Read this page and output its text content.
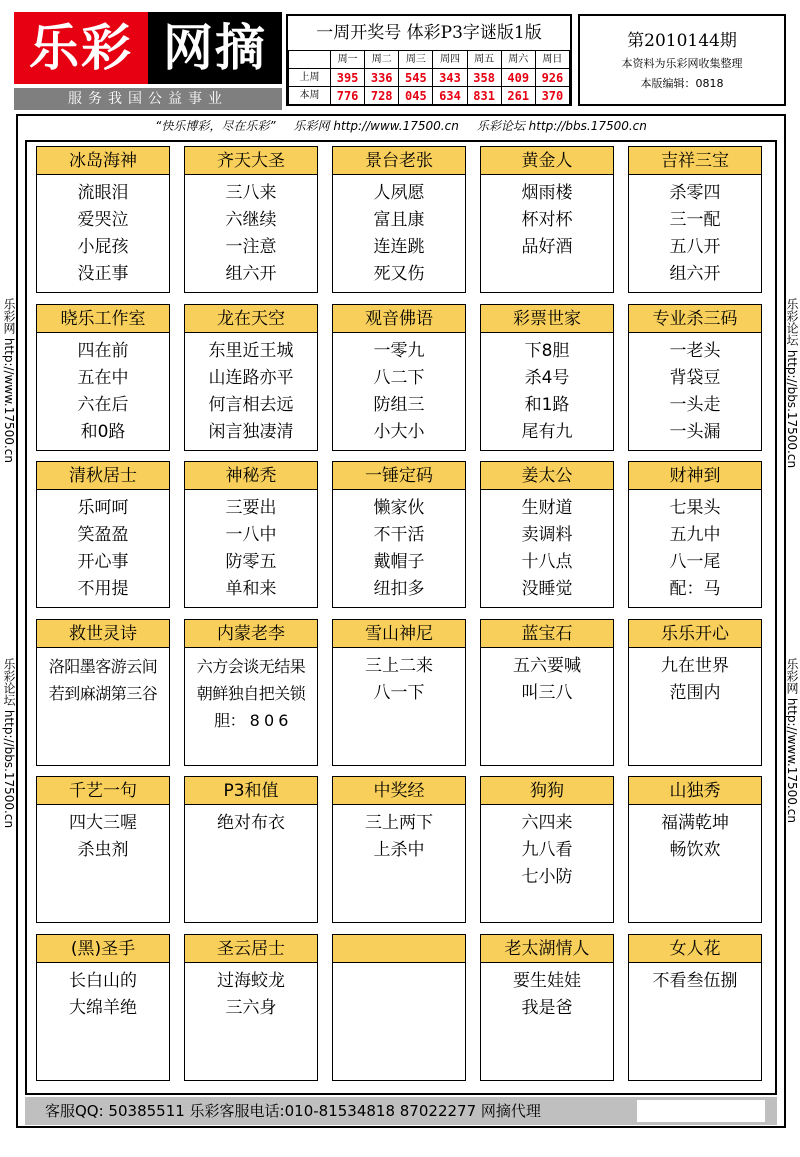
乐彩 网摘
服务我国公益事业
一周开奖号 体彩P3字谜版1版
	周一	周二	周三	周四	周五	周六	周日
上周	395	336	545	343	358	409	926
本周	776	728	045	634	831	261	370
第2010144期
本资料为乐彩网收集整理
本版编辑：0818
“快乐博彩，尽在乐彩” 乐彩网 http://www.17500.cn 乐彩论坛 http://bbs.17500.cn
乐彩网 http://www.17500.cn
乐彩论坛 http://bbs.17500.cn
乐彩论坛 http://bbs.17500.cn
乐彩网 http://www.17500.cn
冰岛海神
流眼泪
爱哭泣
小屁孩
没正事
齐天大圣
三八来
六继续
一注意
组六开
景台老张
人夙愿
富且康
连连跳
死又伤
黄金人
烟雨楼
杯对杯
品好酒
吉祥三宝
杀零四
三一配
五八开
组六开
晓乐工作室
四在前
五在中
六在后
和0路
龙在天空
东里近王城
山连路亦平
何言相去远
闲言独凄清
观音佛语
一零九
八二下
防组三
小大小
彩票世家
下8胆
杀4号
和1路
尾有九
专业杀三码
一老头
背袋豆
一头走
一头漏
清秋居士
乐呵呵
笑盈盈
开心事
不用提
神秘秃
三要出
一八中
防零五
单和来
一锤定码
懒家伙
不干活
戴帽子
纽扣多
姜太公
生财道
卖调料
十八点
没睡觉
财神到
七果头
五九中
八一尾
配：马
救世灵诗
洛阳墨客游云间
若到麻湖第三谷
内蒙老李
六方会谈无结果
朝鲜独自把关锁
胆： 8 0 6
雪山神尼
三上二来
八一下
蓝宝石
五六要喊
叫三八
乐乐开心
九在世界
范围内
千艺一句
四大三喔
杀虫剂
P3和值
绝对布衣
中奖经
三上两下
上杀中
狗狗
六四来
九八看
七小防
山独秀
福满乾坤
畅饮欢
(黑)圣手
长白山的
大绵羊绝
圣云居士
过海蛟龙
三六身
老太湖情人
要生娃娃
我是爸
女人花
不看叁伍捌
客服QQ: 50385511 乐彩客服电话:010-81534818 87022277 网摘代理
